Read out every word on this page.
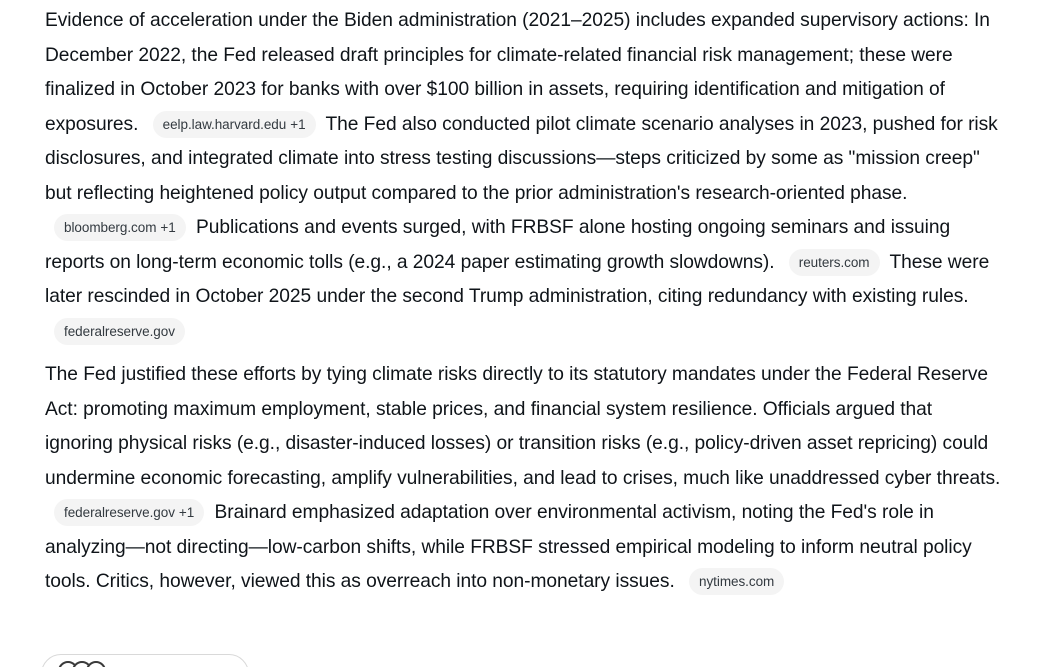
Evidence of acceleration under the Biden administration (2021–2025) includes expanded supervisory actions: In December 2022, the Fed released draft principles for climate-related financial risk management; these were finalized in October 2023 for banks with over $100 billion in assets, requiring identification and mitigation of exposures. eelp.law.harvard.edu +1 The Fed also conducted pilot climate scenario analyses in 2023, pushed for risk disclosures, and integrated climate into stress testing discussions—steps criticized by some as "mission creep" but reflecting heightened policy output compared to the prior administration's research-oriented phase. bloomberg.com +1 Publications and events surged, with FRBSF alone hosting ongoing seminars and issuing reports on long-term economic tolls (e.g., a 2024 paper estimating growth slowdowns). reuters.com These were later rescinded in October 2025 under the second Trump administration, citing redundancy with existing rules. federalreserve.gov

The Fed justified these efforts by tying climate risks directly to its statutory mandates under the Federal Reserve Act: promoting maximum employment, stable prices, and financial system resilience. Officials argued that ignoring physical risks (e.g., disaster-induced losses) or transition risks (e.g., policy-driven asset repricing) could undermine economic forecasting, amplify vulnerabilities, and lead to crises, much like unaddressed cyber threats. federalreserve.gov +1 Brainard emphasized adaptation over environmental activism, noting the Fed's role in analyzing—not directing—low-carbon shifts, while FRBSF stressed empirical modeling to inform neutral policy tools. Critics, however, viewed this as overreach into non-monetary issues. nytimes.com
